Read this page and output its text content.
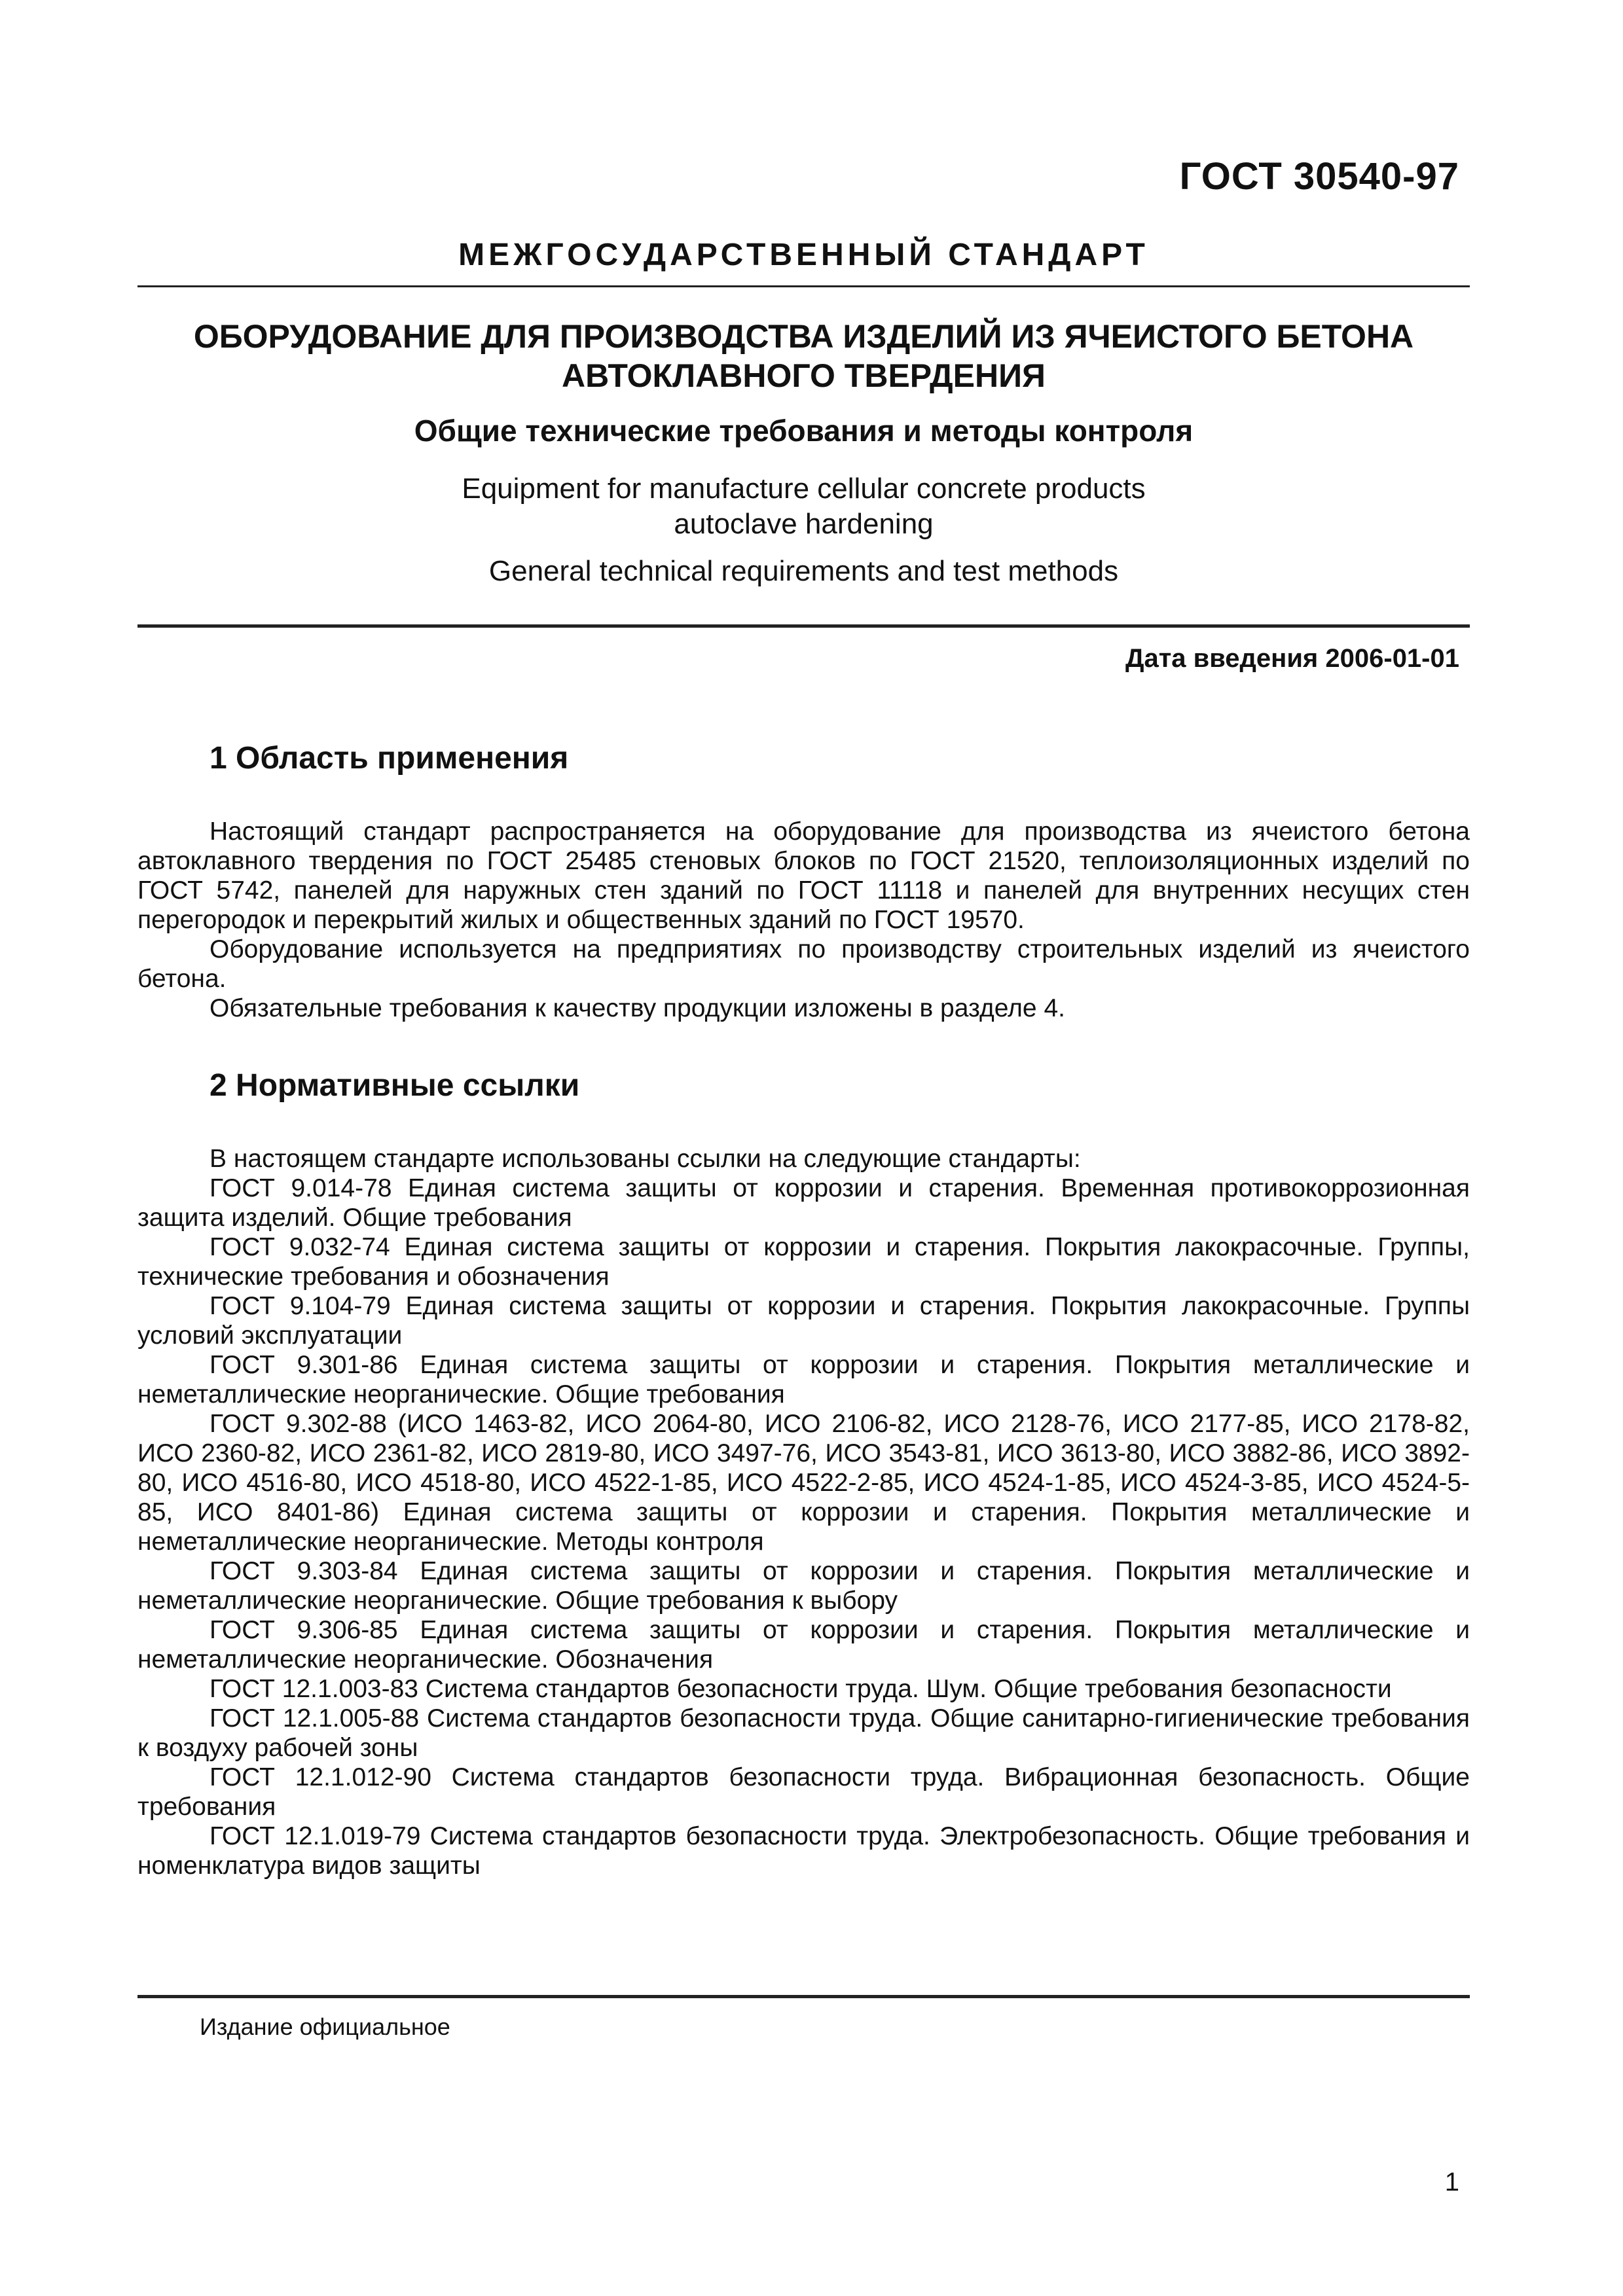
ГОСТ 30540-97
МЕЖГОСУДАРСТВЕННЫЙ СТАНДАРТ
ОБОРУДОВАНИЕ ДЛЯ ПРОИЗВОДСТВА ИЗДЕЛИЙ ИЗ ЯЧЕИСТОГО БЕТОНА
АВТОКЛАВНОГО ТВЕРДЕНИЯ
Общие технические требования и методы контроля
Equipment for manufacture cellular concrete products
autoclave hardening
General technical requirements and test methods
Дата введения 2006-01-01
1 Область применения

Настоящий стандарт распространяется на оборудование для производства из ячеистого бетона автоклавного твердения по ГОСТ 25485 стеновых блоков по ГОСТ 21520, теплоизоляционных изделий по ГОСТ 5742, панелей для наружных стен зданий по ГОСТ 11118 и панелей для внутренних несущих стен перегородок и перекрытий жилых и общественных зданий по ГОСТ 19570.

Оборудование используется на предприятиях по производству строительных изделий из ячеистого бетона.

Обязательные требования к качеству продукции изложены в разделе 4.

2 Нормативные ссылки

В настоящем стандарте использованы ссылки на следующие стандарты:

ГОСТ 9.014-78 Единая система защиты от коррозии и старения. Временная противокоррозионная защита изделий. Общие требования

ГОСТ 9.032-74 Единая система защиты от коррозии и старения. Покрытия лакокрасочные. Группы, технические требования и обозначения

ГОСТ 9.104-79 Единая система защиты от коррозии и старения. Покрытия лакокрасочные. Группы условий эксплуатации

ГОСТ 9.301-86 Единая система защиты от коррозии и старения. Покрытия металлические и неметаллические неорганические. Общие требования

ГОСТ 9.302-88 (ИСО 1463-82, ИСО 2064-80, ИСО 2106-82, ИСО 2128-76, ИСО 2177-85, ИСО 2178-82, ИСО 2360-82, ИСО 2361-82, ИСО 2819-80, ИСО 3497-76, ИСО 3543-81, ИСО 3613-80, ИСО 3882-86, ИСО 3892-80, ИСО 4516-80, ИСО 4518-80, ИСО 4522-1-85, ИСО 4522-2-85, ИСО 4524-1-85, ИСО 4524-3-85, ИСО 4524-5-85, ИСО 8401-86) Единая система защиты от коррозии и старения. Покрытия металлические и неметаллические неорганические. Методы контроля

ГОСТ 9.303-84 Единая система защиты от коррозии и старения. Покрытия металлические и неметаллические неорганические. Общие требования к выбору

ГОСТ 9.306-85 Единая система защиты от коррозии и старения. Покрытия металлические и неметаллические неорганические. Обозначения

ГОСТ 12.1.003-83 Система стандартов безопасности труда. Шум. Общие требования безопасности

ГОСТ 12.1.005-88 Система стандартов безопасности труда. Общие санитарно-гигиенические требования к воздуху рабочей зоны

ГОСТ 12.1.012-90 Система стандартов безопасности труда. Вибрационная безопасность. Общие требования

ГОСТ 12.1.019-79 Система стандартов безопасности труда. Электробезопасность. Общие требования и номенклатура видов защиты

Издание официальное
1
